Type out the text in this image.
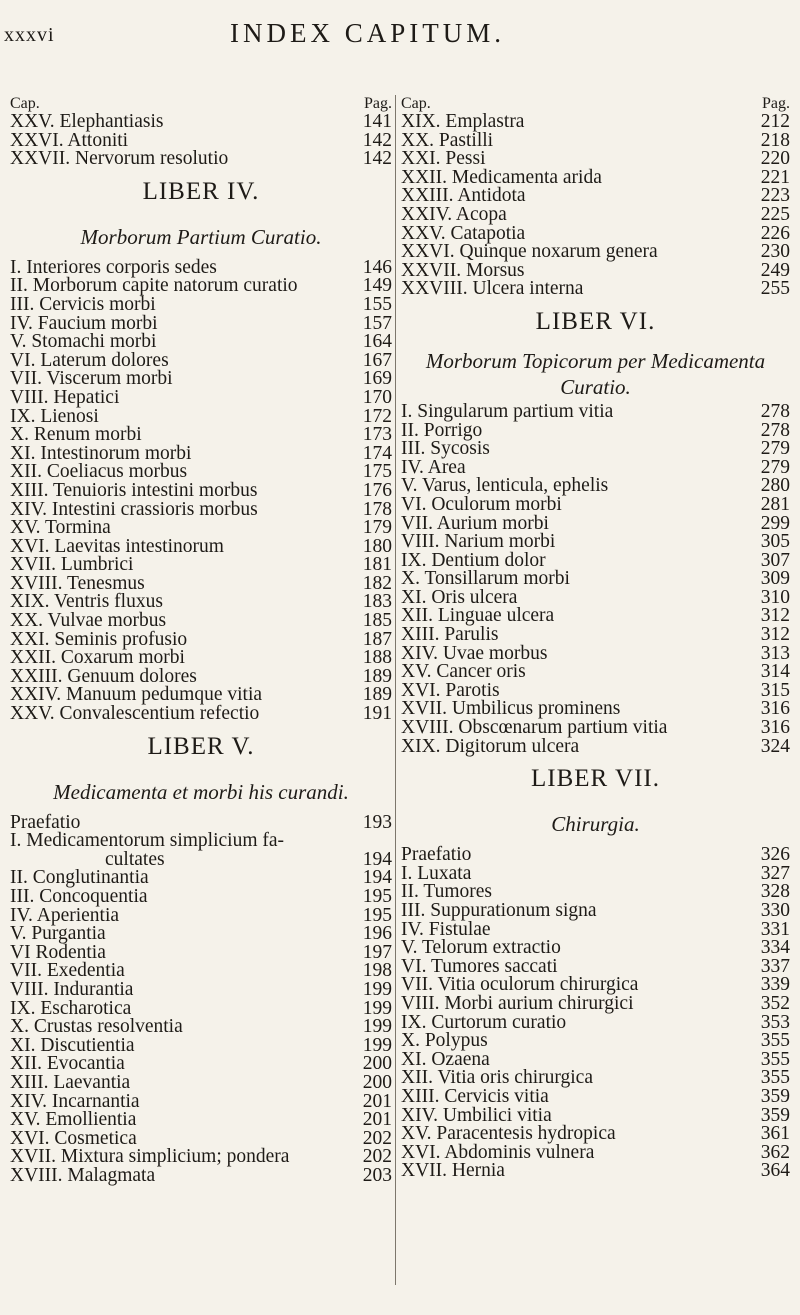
xxxvi	INDEX CAPITUM.
Cap.	Pag.
XXV. Elephantiasis	141
XXVI. Attoniti	142
XXVII. Nervorum resolutio	142
LIBER IV.
Morborum Partium Curatio.
I. Interiores corporis sedes	146
II. Morborum capite natorum curatio	149
III. Cervicis morbi	155
IV. Faucium morbi	157
V. Stomachi morbi	164
VI. Laterum dolores	167
VII. Viscerum morbi	169
VIII. Hepatici	170
IX. Lienosi	172
X. Renum morbi	173
XI. Intestinorum morbi	174
XII. Coeliacus morbus	175
XIII. Tenuioris intestini morbus	176
XIV. Intestini crassioris morbus	178
XV. Tormina	179
XVI. Laevitas intestinorum	180
XVII. Lumbrici	181
XVIII. Tenesmus	182
XIX. Ventris fluxus	183
XX. Vulvae morbus	185
XXI. Seminis profusio	187
XXII. Coxarum morbi	188
XXIII. Genuum dolores	189
XXIV. Manuum pedumque vitia	189
XXV. Convalescentium refectio	191
LIBER V.
Medicamenta et morbi his curandi.
Praefatio	193
I. Medicamentorum simplicium fa-
cultates	194
II. Conglutinantia	194
III. Concoquentia	195
IV. Aperientia	195
V. Purgantia	196
VI Rodentia	197
VII. Exedentia	198
VIII. Indurantia	199
IX. Escharotica	199
X. Crustas resolventia	199
XI. Discutientia	199
XII. Evocantia	200
XIII. Laevantia	200
XIV. Incarnantia	201
XV. Emollientia	201
XVI. Cosmetica	202
XVII. Mixtura simplicium; pondera	202
XVIII. Malagmata	203
Cap.	Pag.
XIX. Emplastra	212
XX. Pastilli	218
XXI. Pessi	220
XXII. Medicamenta arida	221
XXIII. Antidota	223
XXIV. Acopa	225
XXV. Catapotia	226
XXVI. Quinque noxarum genera	230
XXVII. Morsus	249
XXVIII. Ulcera interna	255
LIBER VI.
Morborum Topicorum per Medicamenta
Curatio.
I. Singularum partium vitia	278
II. Porrigo	278
III. Sycosis	279
IV. Area	279
V. Varus, lenticula, ephelis	280
VI. Oculorum morbi	281
VII. Aurium morbi	299
VIII. Narium morbi	305
IX. Dentium dolor	307
X. Tonsillarum morbi	309
XI. Oris ulcera	310
XII. Linguae ulcera	312
XIII. Parulis	312
XIV. Uvae morbus	313
XV. Cancer oris	314
XVI. Parotis	315
XVII. Umbilicus prominens	316
XVIII. Obscœnarum partium vitia	316
XIX. Digitorum ulcera	324
LIBER VII.
Chirurgia.
Praefatio	326
I. Luxata	327
II. Tumores	328
III. Suppurationum signa	330
IV. Fistulae	331
V. Telorum extractio	334
VI. Tumores saccati	337
VII. Vitia oculorum chirurgica	339
VIII. Morbi aurium chirurgici	352
IX. Curtorum curatio	353
X. Polypus	355
XI. Ozaena	355
XII. Vitia oris chirurgica	355
XIII. Cervicis vitia	359
XIV. Umbilici vitia	359
XV. Paracentesis hydropica	361
XVI. Abdominis vulnera	362
XVII. Hernia	364
